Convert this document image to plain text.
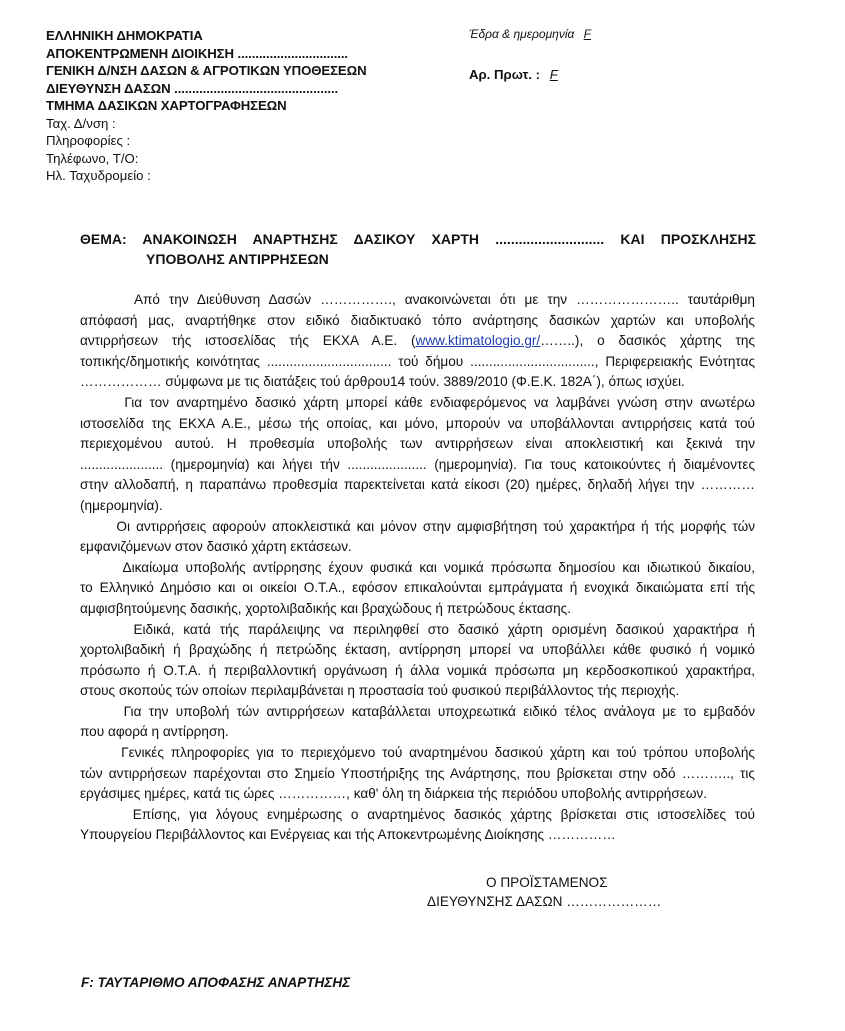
ΕΛΛΗΝΙΚΗ ΔΗΜΟΚΡΑΤΙΑ
ΑΠΟΚΕΝΤΡΩΜΕΝΗ ΔΙΟΙΚΗΣΗ ...............................
ΓΕΝΙΚΗ Δ/ΝΣΗ ΔΑΣΩΝ & ΑΓΡΟΤΙΚΩΝ ΥΠΟΘΕΣΕΩΝ
ΔΙΕΥΘΥΝΣΗ ΔΑΣΩΝ ..............................................
ΤΜΗΜΑ ΔΑΣΙΚΩΝ ΧΑΡΤΟΓΡΑΦΗΣΕΩΝ
Ταχ. Δ/νση :
Πληροφορίες :
Τηλέφωνο, Τ/Ο:
Ηλ. Ταχυδρομείο :
Έδρα & ημερομηνία F
Αρ. Πρωτ. : F
ΘΕΜΑ: ΑΝΑΚΟΙΝΩΣΗ ΑΝΑΡΤΗΣΗΣ ΔΑΣΙΚΟΥ ΧΑΡΤΗ ............................ ΚΑΙ ΠΡΟΣΚΛΗΣΗΣ
ΥΠΟΒΟΛΗΣ ΑΝΤΙΡΡΗΣΕΩΝ
Από την Διεύθυνση Δασών ……………., ανακοινώνεται ότι με την ………………….. ταυτάριθμη
απόφασή μας, αναρτήθηκε στον ειδικό διαδικτυακό τόπο ανάρτησης δασικών χαρτών και υποβολής
αντιρρήσεων τής ιστοσελίδας τής ΕΚΧΑ Α.Ε. (www.ktimatologio.gr/……..), ο δασικός χάρτης της
τοπικής/δημοτικής κοινότητας ................................. τού δήμου ................................., Περιφερειακής Ενότητας
……………… σύμφωνα με τις διατάξεις τού άρθρου14 τούν. 3889/2010 (Φ.Ε.Κ. 182Α΄), όπως ισχύει.
Για τον αναρτημένο δασικό χάρτη μπορεί κάθε ενδιαφερόμενος να λαμβάνει γνώση στην ανωτέρω
ιστοσελίδα της ΕΚΧΑ Α.Ε., μέσω τής οποίας, και μόνο, μπορούν να υποβάλλονται αντιρρήσεις κατά τού
περιεχομένου αυτού. Η προθεσμία υποβολής των αντιρρήσεων είναι αποκλειστική και ξεκινά την
...................... (ημερομηνία) και λήγει τήν ..................... (ημερομηνία). Για τους κατοικούντες ή διαμένοντες
στην αλλοδαπή, η παραπάνω προθεσμία παρεκτείνεται κατά είκοσι (20) ημέρες, δηλαδή λήγει την …………
(ημερομηνία).
Οι αντιρρήσεις αφορούν αποκλειστικά και μόνον στην αμφισβήτηση τού χαρακτήρα ή τής μορφής τών
εμφανιζόμενων στον δασικό χάρτη εκτάσεων.
Δικαίωμα υποβολής αντίρρησης έχουν φυσικά και νομικά πρόσωπα δημοσίου και ιδιωτικού δικαίου,
το Ελληνικό Δημόσιο και οι οικείοι Ο.Τ.Α., εφόσον επικαλούνται εμπράγματα ή ενοχικά δικαιώματα επί τής
αμφισβητούμενης δασικής, χορτολιβαδικής και βραχώδους ή πετρώδους έκτασης.
Ειδικά, κατά τής παράλειψης να περιληφθεί στο δασικό χάρτη ορισμένη δασικού χαρακτήρα ή
χορτολιβαδική ή βραχώδης ή πετρώδης έκταση, αντίρρηση μπορεί να υποβάλλει κάθε φυσικό ή νομικό
πρόσωπο ή Ο.Τ.Α. ή περιβαλλοντική οργάνωση ή άλλα νομικά πρόσωπα μη κερδοσκοπικού χαρακτήρα,
στους σκοπούς τών οποίων περιλαμβάνεται η προστασία τού φυσικού περιβάλλοντος τής περιοχής.
Για την υποβολή τών αντιρρήσεων καταβάλλεται υποχρεωτικά ειδικό τέλος ανάλογα με το εμβαδόν
που αφορά η αντίρρηση.
Γενικές πληροφορίες για το περιεχόμενο τού αναρτημένου δασικού χάρτη και τού τρόπου υποβολής
τών αντιρρήσεων παρέχονται στο Σημείο Υποστήριξης της Ανάρτησης, που βρίσκεται στην οδό ……….., τις
εργάσιμες ημέρες, κατά τις ώρες ……………, καθ' όλη τη διάρκεια τής περιόδου υποβολής αντιρρήσεων.
Επίσης, για λόγους ενημέρωσης ο αναρτημένος δασικός χάρτης βρίσκεται στις ιστοσελίδες τού
Υπουργείου Περιβάλλοντος και Ενέργειας και τής Αποκεντρωμένης Διοίκησης ……………
Ο ΠΡΟΪΣΤΑΜΕΝΟΣ
ΔΙΕΥΘΥΝΣΗΣ ΔΑΣΩΝ …………………
F: ΤΑΥΤΑΡΙΘΜΟ ΑΠΟΦΑΣΗΣ ΑΝΑΡΤΗΣΗΣ
